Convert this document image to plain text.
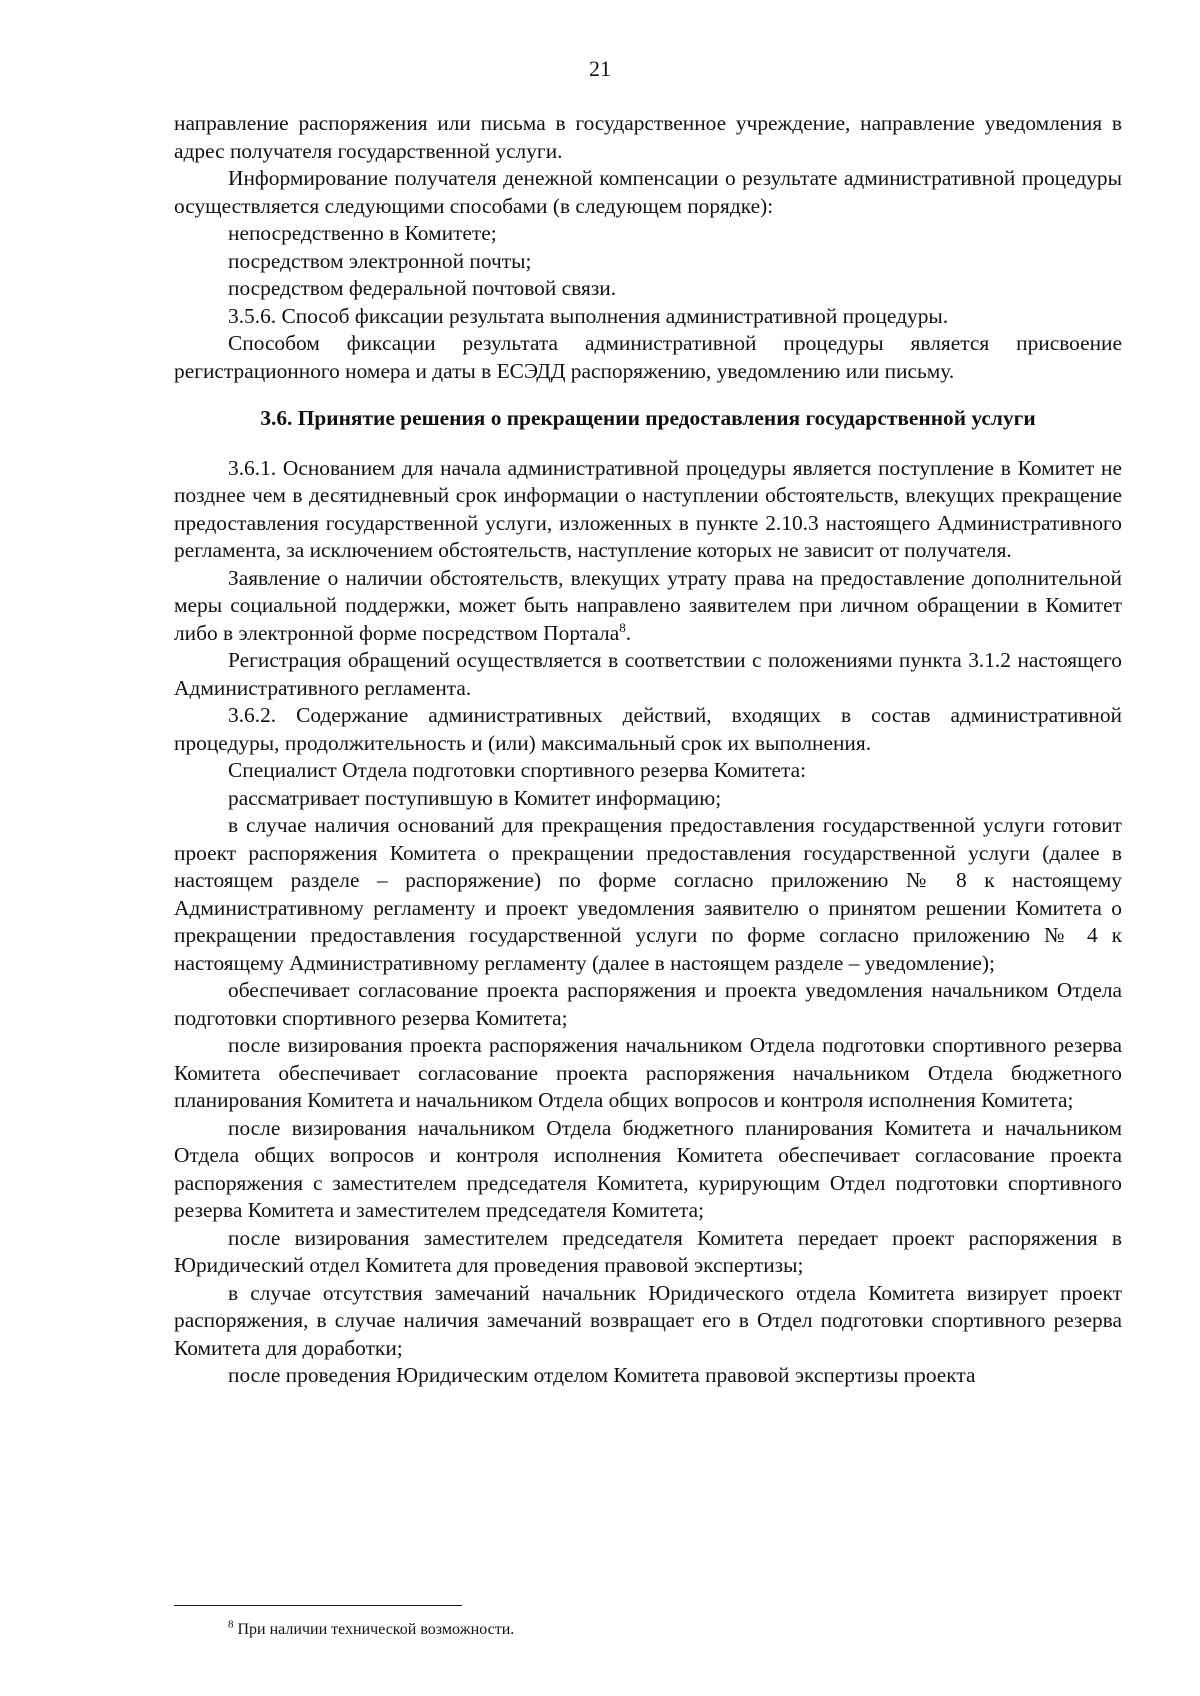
21

направление распоряжения или письма в государственное учреждение, направление уведомления в адрес получателя государственной услуги.

Информирование получателя денежной компенсации о результате административной процедуры осуществляется следующими способами (в следующем порядке):

непосредственно в Комитете;

посредством электронной почты;

посредством федеральной почтовой связи.

3.5.6. Способ фиксации результата выполнения административной процедуры.

Способом фиксации результата административной процедуры является присвоение регистрационного номера и даты в ЕСЭДД распоряжению, уведомлению или письму.

3.6. Принятие решения о прекращении предоставления государственной услуги

3.6.1. Основанием для начала административной процедуры является поступление в Комитет не позднее чем в десятидневный срок информации о наступлении обстоятельств, влекущих прекращение предоставления государственной услуги, изложенных в пункте 2.10.3 настоящего Административного регламента, за исключением обстоятельств, наступление которых не зависит от получателя.

Заявление о наличии обстоятельств, влекущих утрату права на предоставление дополнительной меры социальной поддержки, может быть направлено заявителем при личном обращении в Комитет либо в электронной форме посредством Портала$^8$.

Регистрация обращений осуществляется в соответствии с положениями пункта 3.1.2 настоящего Административного регламента.

3.6.2. Содержание административных действий, входящих в состав административной процедуры, продолжительность и (или) максимальный срок их выполнения.

Специалист Отдела подготовки спортивного резерва Комитета:

рассматривает поступившую в Комитет информацию;

в случае наличия оснований для прекращения предоставления государственной услуги готовит проект распоряжения Комитета о прекращении предоставления государственной услуги (далее в настоящем разделе – распоряжение) по форме согласно приложению № 8 к настоящему Административному регламенту и проект уведомления заявителю о принятом решении Комитета о прекращении предоставления государственной услуги по форме согласно приложению № 4 к настоящему Административному регламенту (далее в настоящем разделе – уведомление);

обеспечивает согласование проекта распоряжения и проекта уведомления начальником Отдела подготовки спортивного резерва Комитета;

после визирования проекта распоряжения начальником Отдела подготовки спортивного резерва Комитета обеспечивает согласование проекта распоряжения начальником Отдела бюджетного планирования Комитета и начальником Отдела общих вопросов и контроля исполнения Комитета;

после визирования начальником Отдела бюджетного планирования Комитета и начальником Отдела общих вопросов и контроля исполнения Комитета обеспечивает согласование проекта распоряжения с заместителем председателя Комитета, курирующим Отдел подготовки спортивного резерва Комитета и заместителем председателя Комитета;

после визирования заместителем председателя Комитета передает проект распоряжения в Юридический отдел Комитета для проведения правовой экспертизы;

в случае отсутствия замечаний начальник Юридического отдела Комитета визирует проект распоряжения, в случае наличия замечаний возвращает его в Отдел подготовки спортивного резерва Комитета для доработки;

после проведения Юридическим отделом Комитета правовой экспертизы проекта

$^8$ При наличии технической возможности.
